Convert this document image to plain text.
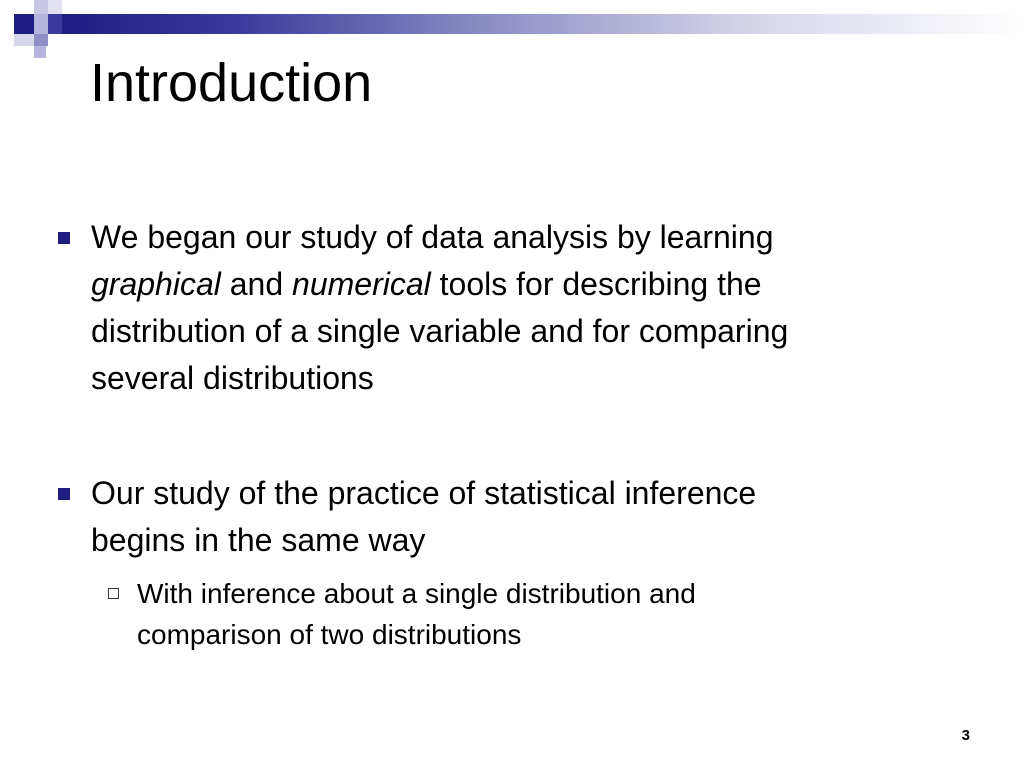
Introduction
We began our study of data analysis by learning
graphical and numerical tools for describing the
distribution of a single variable and for comparing
several distributions
Our study of the practice of statistical inference
begins in the same way
With inference about a single distribution and
comparison of two distributions
3
